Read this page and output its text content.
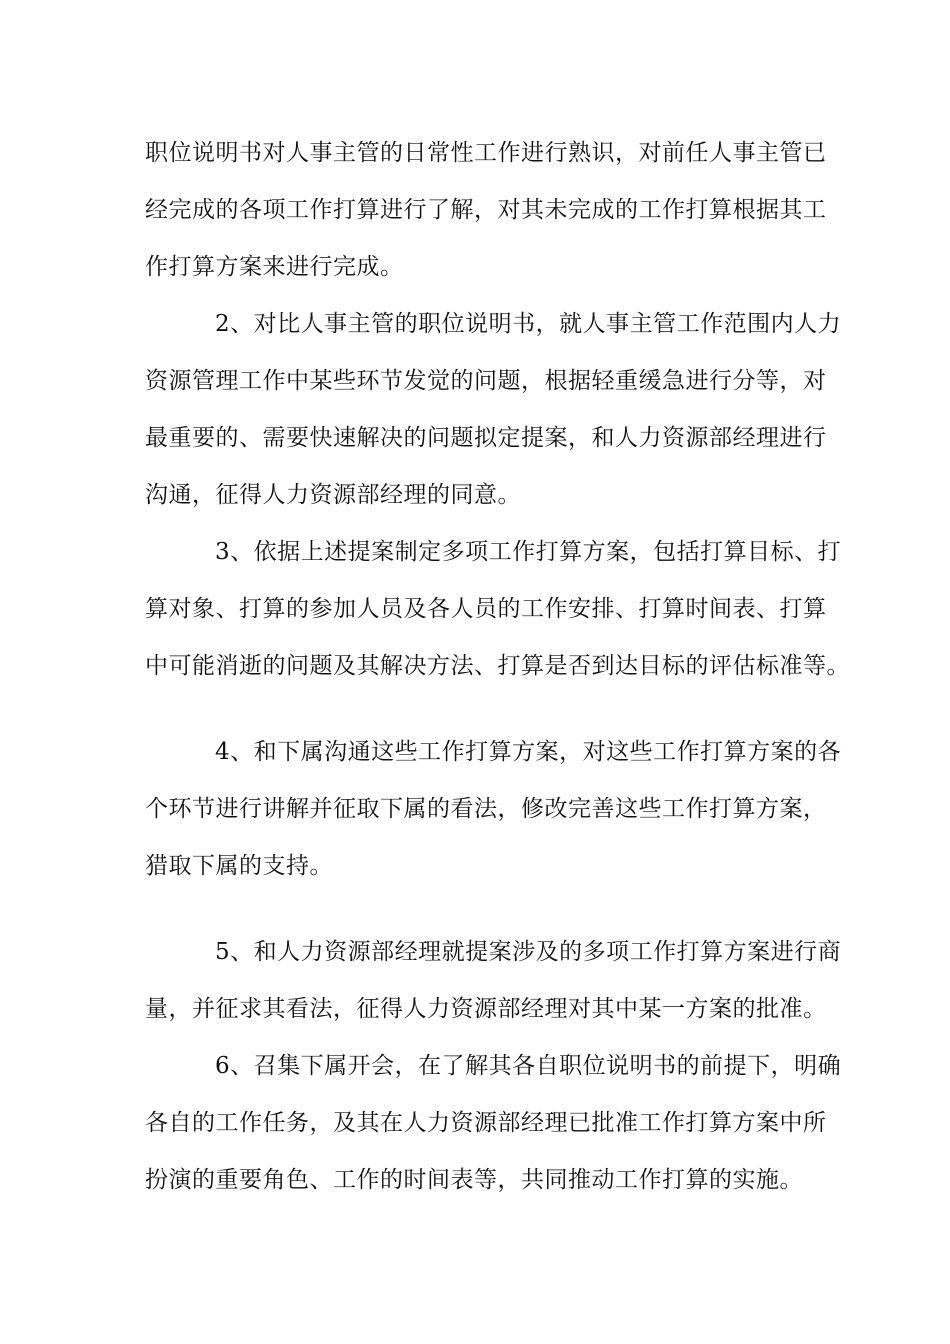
职位说明书对人事主管的日常性工作进行熟识，对前任人事主管已
经完成的各项工作打算进行了解，对其未完成的工作打算根据其工
作打算方案来进行完成。

2、对比人事主管的职位说明书，就人事主管工作范围内人力
资源管理工作中某些环节发觉的问题，根据轻重缓急进行分等，对
最重要的、需要快速解决的问题拟定提案，和人力资源部经理进行
沟通，征得人力资源部经理的同意。

3、依据上述提案制定多项工作打算方案，包括打算目标、打
算对象、打算的参加人员及各人员的工作安排、打算时间表、打算
中可能消逝的问题及其解决方法、打算是否到达目标的评估标准等。

4、和下属沟通这些工作打算方案，对这些工作打算方案的各
个环节进行讲解并征取下属的看法，修改完善这些工作打算方案，
猎取下属的支持。

5、和人力资源部经理就提案涉及的多项工作打算方案进行商
量，并征求其看法，征得人力资源部经理对其中某一方案的批准。

6、召集下属开会，在了解其各自职位说明书的前提下，明确
各自的工作任务，及其在人力资源部经理已批准工作打算方案中所
扮演的重要角色、工作的时间表等，共同推动工作打算的实施。
